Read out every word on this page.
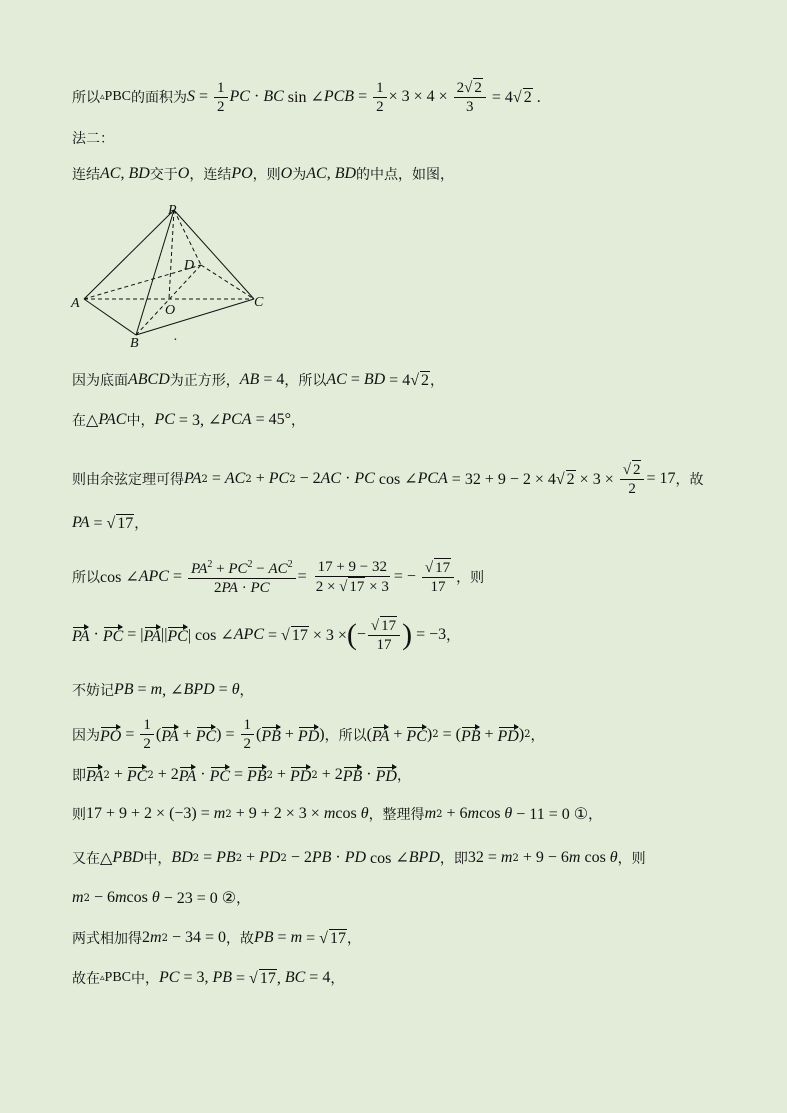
所以 ▵ PBC 的面积为 $S = \frac{1}{2}$ PC · BC sin ∠ PCB = $\frac{1}{2} \times 3 \times 4 \times \frac{2√ 2}{3} = 4√$ 2 .
法二：
连结 AC , BD 交于 O ，连结 PO ，则 O 为 AC , BD 的中点，如图，
P
D
A	O
C
B	.
因为底面 ABCD 为正方形， AB = 4 ，所以 AC = BD = 4√ 2 ，
在 △ PAC 中， PC = 3, ∠ PCA = 45° ，
则由余弦定理可得 PA 2 = AC 2 + PC 2 − 2 AC · PC cos ∠ PCA = 32 + 9 − 2 × 4√ $2 \times 3 \times \frac{√ 2}{2} = 17$ ，故
PA = √ 17 ，
所以 cos ∠ APC = $\frac{PA^2 + PC^2 - AC^2}{2PA \cdot PC} = \frac{17 + 9 - 32}{2 \times √ 17 \times 3}$ = − $\frac{√ 17}{17}$ ，则
PA · PC = | PA || PC | cos ∠ APC = √ 17 × 3 × ( − $\frac{√ 17}{17}$ ) = −3 ，
不妨记 PB = m , ∠ BPD = θ ，
因为 PO = $\frac{1}{2}$ ( PA + PC ) = $\frac{1}{2}$ ( PB + PD ) ，所以 ( PA + PC ) 2 = ( PB + PD ) 2 ，
即 PA 2 + PC 2 + 2 PA · PC = PB 2 + PD 2 + 2 PB · PD ，
则 17 + 9 + 2 × (−3) = m 2 + 9 + 2 × 3 × m cos θ ，整理得 m 2 + 6 m cos θ − 11 = 0 ① ，
又在 △ PBD 中， BD 2 = PB 2 + PD 2 − 2 PB · PD cos ∠ BPD ，即 32 = m 2 + 9 − 6 m cos θ ，则
m 2 − 6 m cos θ − 23 = 0 ② ，
两式相加得 2 m 2 − 34 = 0 ，故 PB = m = √ 17 ，
故在 ▵ PBC 中， PC = 3, PB = √ 17, BC = 4 ，
